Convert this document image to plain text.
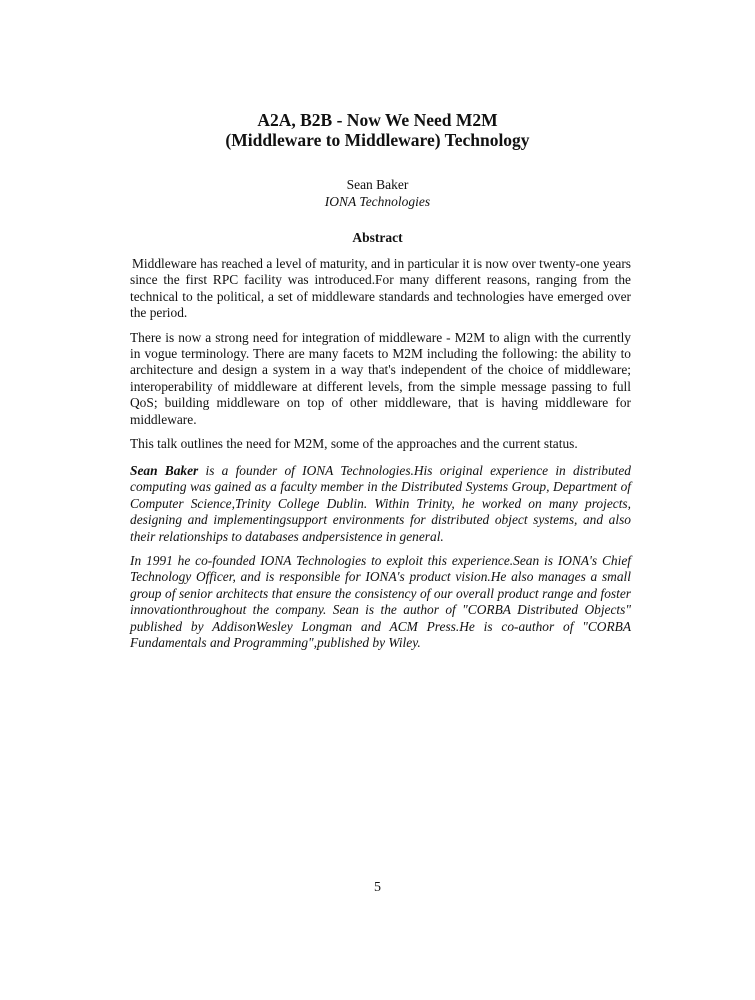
A2A, B2B - Now We Need M2M
(Middleware to Middleware) Technology
Sean Baker
IONA Technologies
Abstract

Middleware has reached a level of maturity, and in particular it is now over twenty-one years since the first RPC facility was introduced.For many different reasons, ranging from the technical to the political, a set of middleware standards and technologies have emerged over the period.

There is now a strong need for integration of middleware - M2M to align with the currently in vogue terminology. There are many facets to M2M including the following: the ability to architecture and design a system in a way that's independent of the choice of middleware; interoperability of middleware at different levels, from the simple message passing to full QoS; building middleware on top of other middleware, that is having middleware for middleware.

This talk outlines the need for M2M, some of the approaches and the current status.

Sean Baker is a founder of IONA Technologies.His original experience in distributed computing was gained as a faculty member in the Distributed Systems Group, Department of Computer Science,Trinity College Dublin. Within Trinity, he worked on many projects, designing and implementingsupport environments for distributed object systems, and also their relationships to databases andpersistence in general.

In 1991 he co-founded IONA Technologies to exploit this experience.Sean is IONA's Chief Technology Officer, and is responsible for IONA's product vision.He also manages a small group of senior architects that ensure the consistency of our overall product range and foster innovationthroughout the company. Sean is the author of "CORBA Distributed Objects" published by AddisonWesley Longman and ACM Press.He is co-author of "CORBA Fundamentals and Programming",published by Wiley.

5
